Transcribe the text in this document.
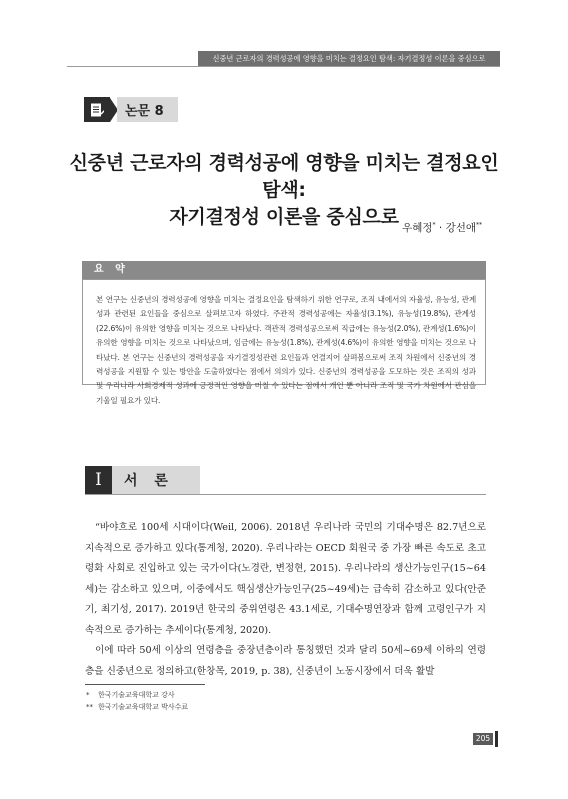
신중년 근로자의 경력성공에 영향을 미치는 결정요인 탐색: 자기결정성 이론을 중심으로
논문 8
신중년 근로자의 경력성공에 영향을 미치는 결정요인 탐색:
자기결정성 이론을 중심으로 우혜정* · 강선애**
요 약
본 연구는 신중년의 경력성공에 영향을 미치는 결정요인을 탐색하기 위한 연구로, 조직 내에서의 자율성, 유능성, 관계성과 관련된 요인들을 중심으로 살펴보고자 하였다. 주관적 경력성공에는 자율성(3.1%), 유능성(19.8%), 관계성(22.6%)이 유의한 영향을 미치는 것으로 나타났다. 객관적 경력성공으로써 직급에는 유능성(2.0%), 관계성(1.6%)이 유의한 영향을 미치는 것으로 나타났으며, 임금에는 유능성(1.8%), 관계성(4.6%)이 유의한 영향을 미치는 것으로 나타났다. 본 연구는 신중년의 경력성공을 자기결정성관련 요인들과 연결지어 살펴봄으로써 조직 차원에서 신중년의 경력성공을 지원할 수 있는 방안을 도출하였다는 점에서 의의가 있다. 신중년의 경력성공을 도모하는 것은 조직의 성과 및 우리나라 사회경제적 성과에 긍정적인 영향을 미칠 수 있다는 점에서 개인 뿐 아니라 조직 및 국가 차원에서 관심을 기울일 필요가 있다.
I	서 론

“바야흐로 100세 시대이다(Weil, 2006). 2018년 우리나라 국민의 기대수명은 82.7년으로 지속적으로 증가하고 있다(통계청, 2020). 우리나라는 OECD 회원국 중 가장 빠른 속도로 초고령화 사회로 진입하고 있는 국가이다(노경란, 변정현, 2015). 우리나라의 생산가능인구(15~64세)는 감소하고 있으며, 이중에서도 핵심생산가능인구(25~49세)는 급속히 감소하고 있다(안준기, 최기성, 2017). 2019년 한국의 중위연령은 43.1세로, 기대수명연장과 함께 고령인구가 지속적으로 증가하는 추세이다(통계청, 2020).

이에 따라 50세 이상의 연령층을 중장년층이라 통칭했던 것과 달리 50세~69세 이하의 연령층을 신중년으로 정의하고(한창목, 2019, p. 38), 신중년이 노동시장에서 더욱 활발

* 한국기술교육대학교 강사
** 한국기술교육대학교 박사수료
205
